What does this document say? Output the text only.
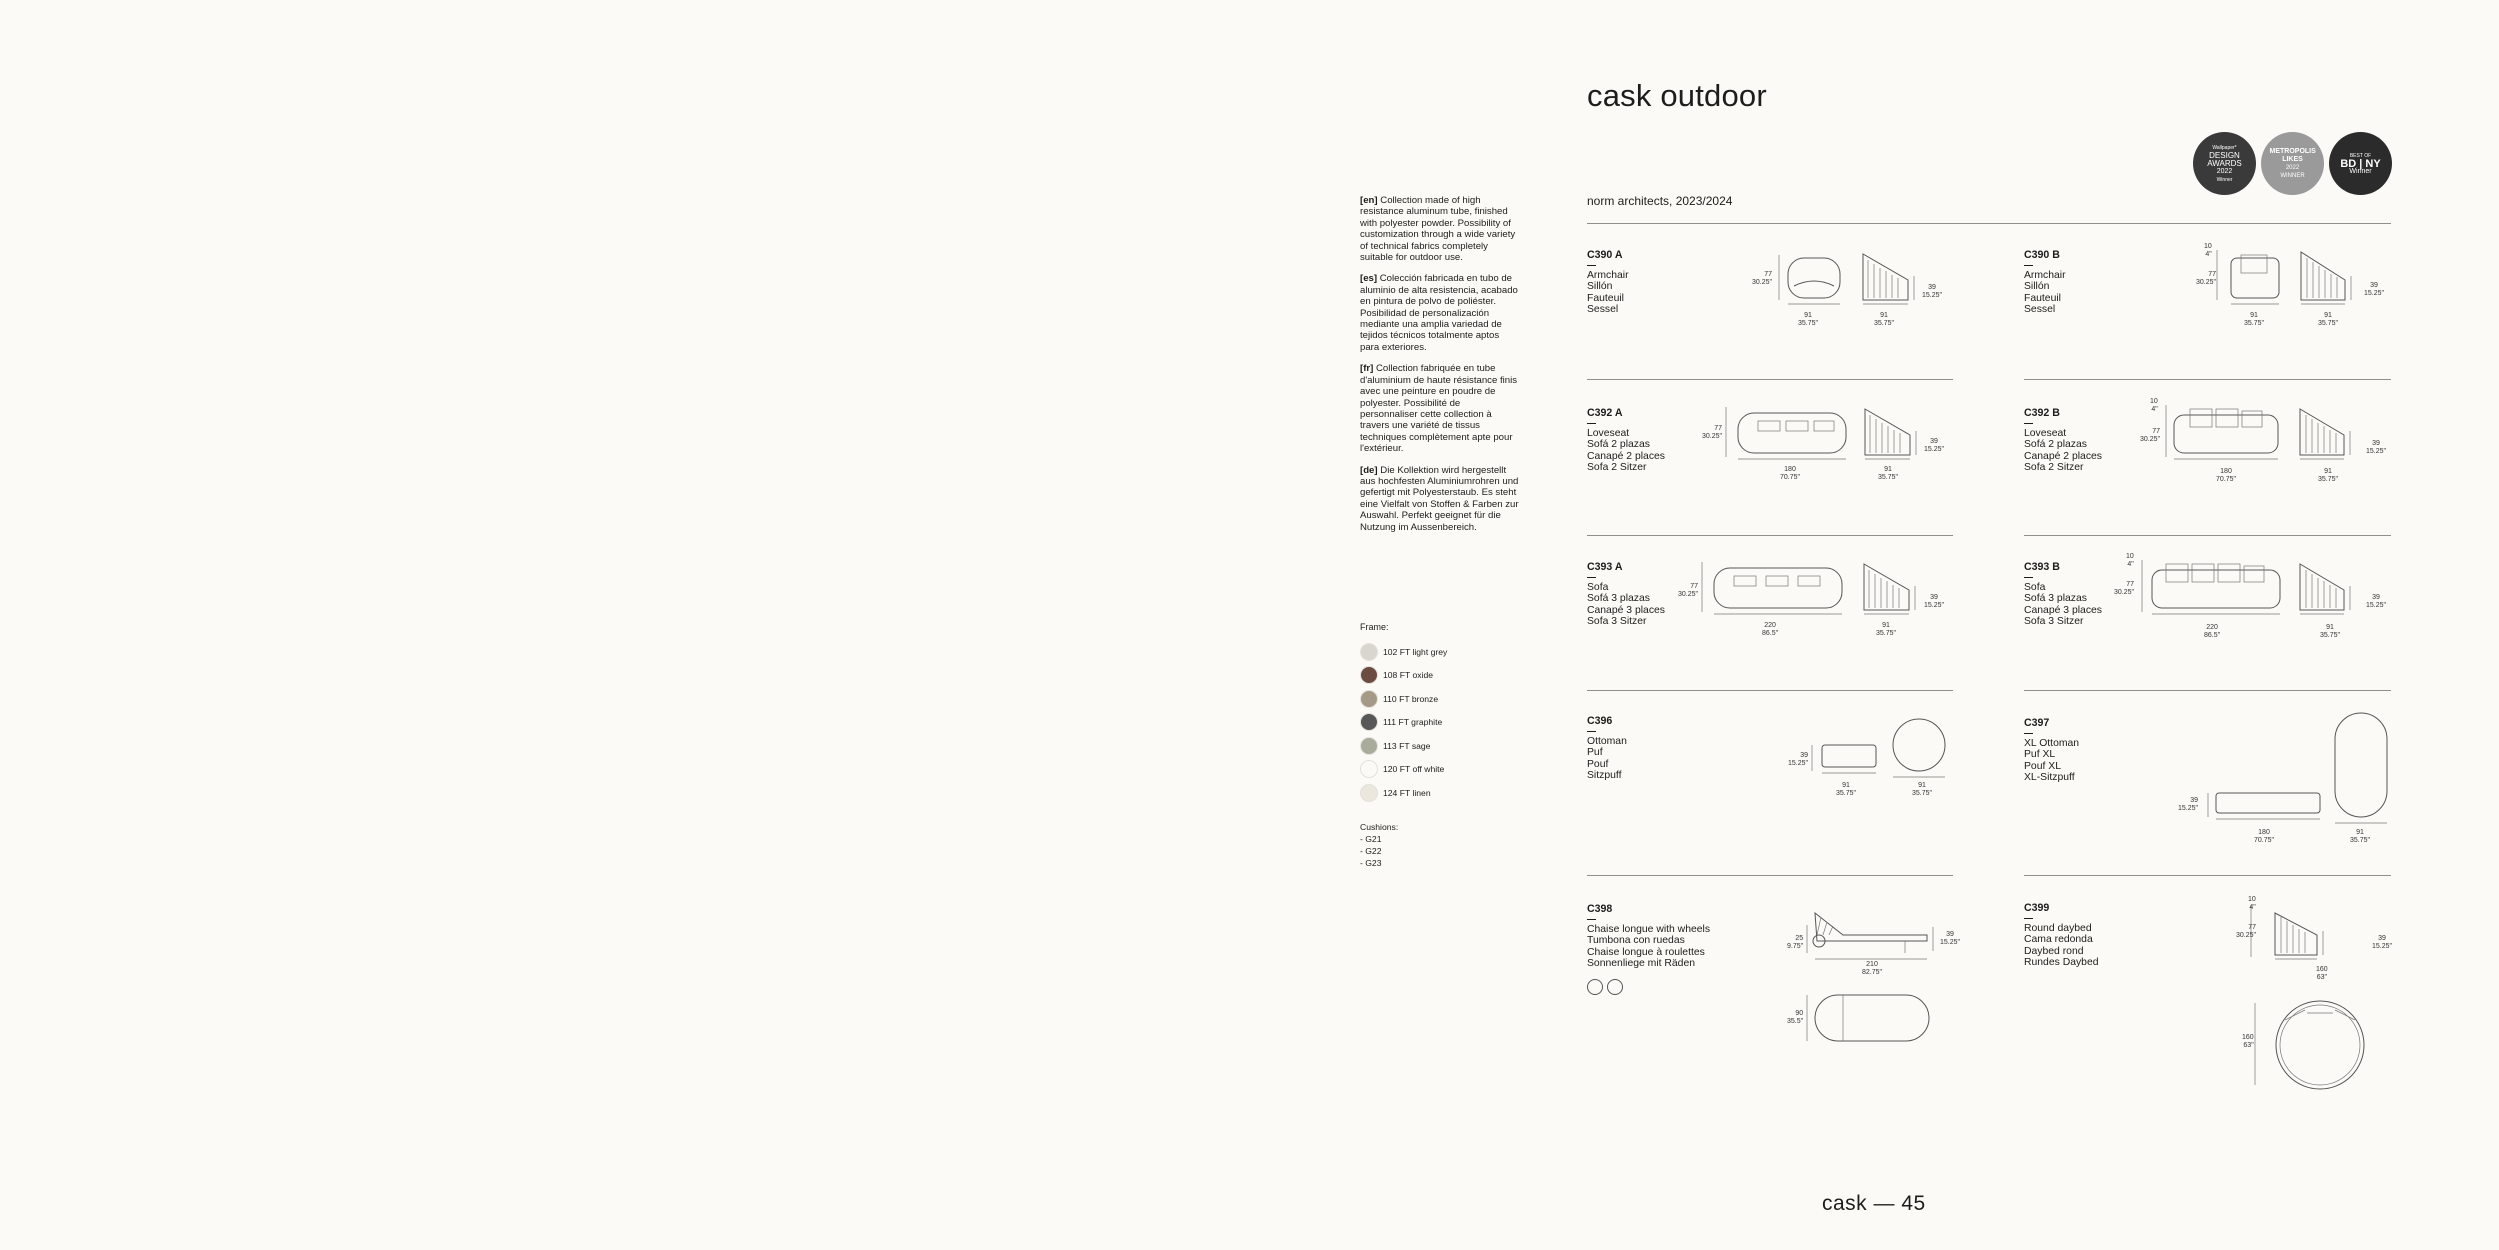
cask outdoor
norm architects, 2023/2024
Wallpaper*
DESIGN AWARDS
2022
Winner
METROPOLIS LIKES
2022
WINNER
BEST OF
BD | NY
Winner

[en] Collection made of high resistance aluminum tube, finished with polyester powder. Possibility of customization through a wide variety of technical fabrics completely suitable for outdoor use.

[es] Colección fabricada en tubo de aluminio de alta resistencia, acabado en pintura de polvo de poliéster. Posibilidad de personalización mediante una amplia variedad de tejidos técnicos totalmente aptos para exteriores.

[fr] Collection fabriquée en tube d'aluminium de haute résistance finis avec une peinture en poudre de polyester. Possibilité de personnaliser cette collection à travers une variété de tissus techniques complètement apte pour l'extérieur.

[de] Die Kollektion wird hergestellt aus hochfesten Aluminiumrohren und gefertigt mit Polyesterstaub. Es steht eine Vielfalt von Stoffen & Farben zur Auswahl. Perfekt geeignet für die Nutzung im Aussenbereich.

Frame:
102 FT light grey
108 FT oxide
110 FT bronze
111 FT graphite
113 FT sage
120 FT off white
124 FT linen
Cushions:
- G21
- G22
- G23
C390 A
Armchair
Sillón
Fauteuil
Sessel
C390 B
Armchair
Sillón
Fauteuil
Sessel
C392 A
Loveseat
Sofá 2 plazas
Canapé 2 places
Sofa 2 Sitzer
C392 B
Loveseat
Sofá 2 plazas
Canapé 2 places
Sofa 2 Sitzer
C393 A
Sofa
Sofá 3 plazas
Canapé 3 places
Sofa 3 Sitzer
C393 B
Sofa
Sofá 3 plazas
Canapé 3 places
Sofa 3 Sitzer
C396
Ottoman
Puf
Pouf
Sitzpuff
C397
XL Ottoman
Puf XL
Pouf XL
XL-Sitzpuff
C398
Chaise longue with wheels
Tumbona con ruedas
Chaise longue à roulettes
Sonnenliege mit Räden
C399
Round daybed
Cama redonda
Daybed rond
Rundes Daybed
77
30.25"
91
35.75"
91
35.75"
39
15.25"
10
4"
77
30.25"
91
35.75"
91
35.75"
39
15.25"
77
30.25"
180
70.75"
91
35.75"
39
15.25"
10
4"
77
30.25"
180
70.75"
91
35.75"
39
15.25"
77
30.25"
220
86.5"
91
35.75"
39
15.25"
10
4"
77
30.25"
220
86.5"
91
35.75"
39
15.25"
39
15.25"
91
35.75"
91
35.75"
39
15.25"
180
70.75"
91
35.75"
25
9.75"
39
15.25"
210
82.75"
90
35.5"
10
4"
77
30.25"	39
15.25"
160
63"
160
63"
cask — 45
